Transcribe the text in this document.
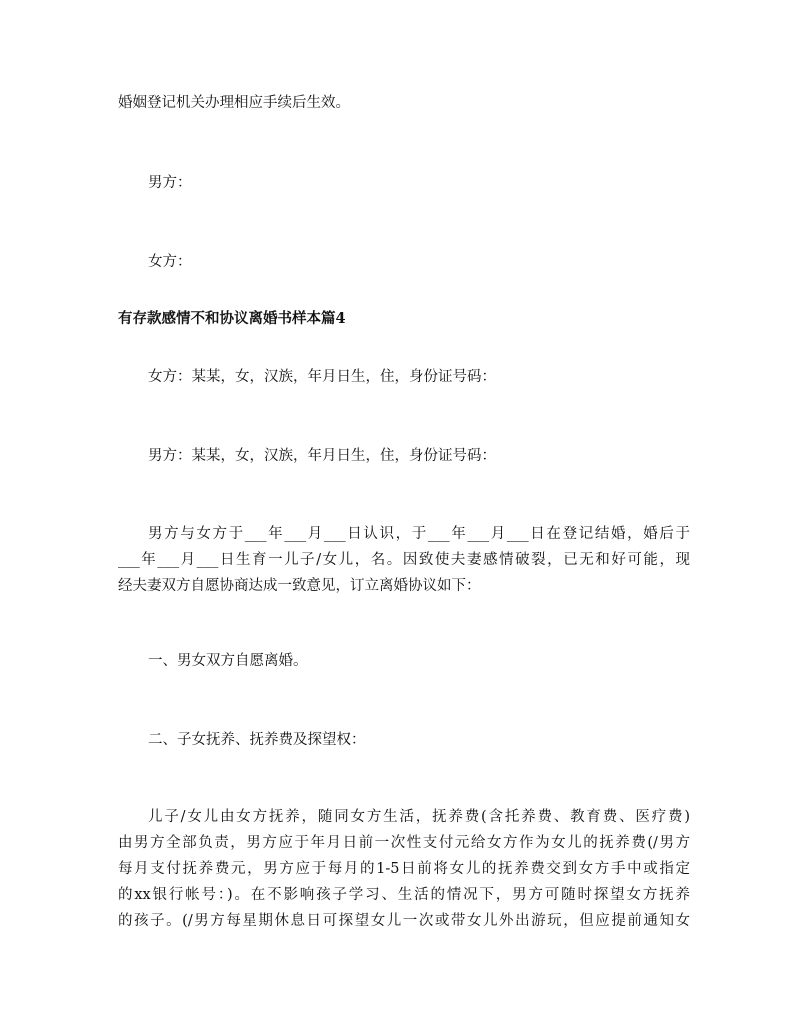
婚姻登记机关办理相应手续后生效。
男方：
女方：
有存款感情不和协议离婚书样本篇4
女方：某某，女，汉族，年月日生，住，身份证号码：
男方：某某，女，汉族，年月日生，住，身份证号码：
男方与女方于___年___月___日认识，于___年___月___日在登记结婚，婚后于
___年___月___日生育一儿子/女儿，名。因致使夫妻感情破裂，已无和好可能，现
经夫妻双方自愿协商达成一致意见，订立离婚协议如下：
一、男女双方自愿离婚。
二、子女抚养、抚养费及探望权：
儿子/女儿由女方抚养，随同女方生活，抚养费(含托养费、教育费、医疗费)
由男方全部负责，男方应于年月日前一次性支付元给女方作为女儿的抚养费(/男方
每月支付抚养费元，男方应于每月的1-5日前将女儿的抚养费交到女方手中或指定
的xx银行帐号：)。在不影响孩子学习、生活的情况下，男方可随时探望女方抚养
的孩子。(/男方每星期休息日可探望女儿一次或带女儿外出游玩，但应提前通知女
